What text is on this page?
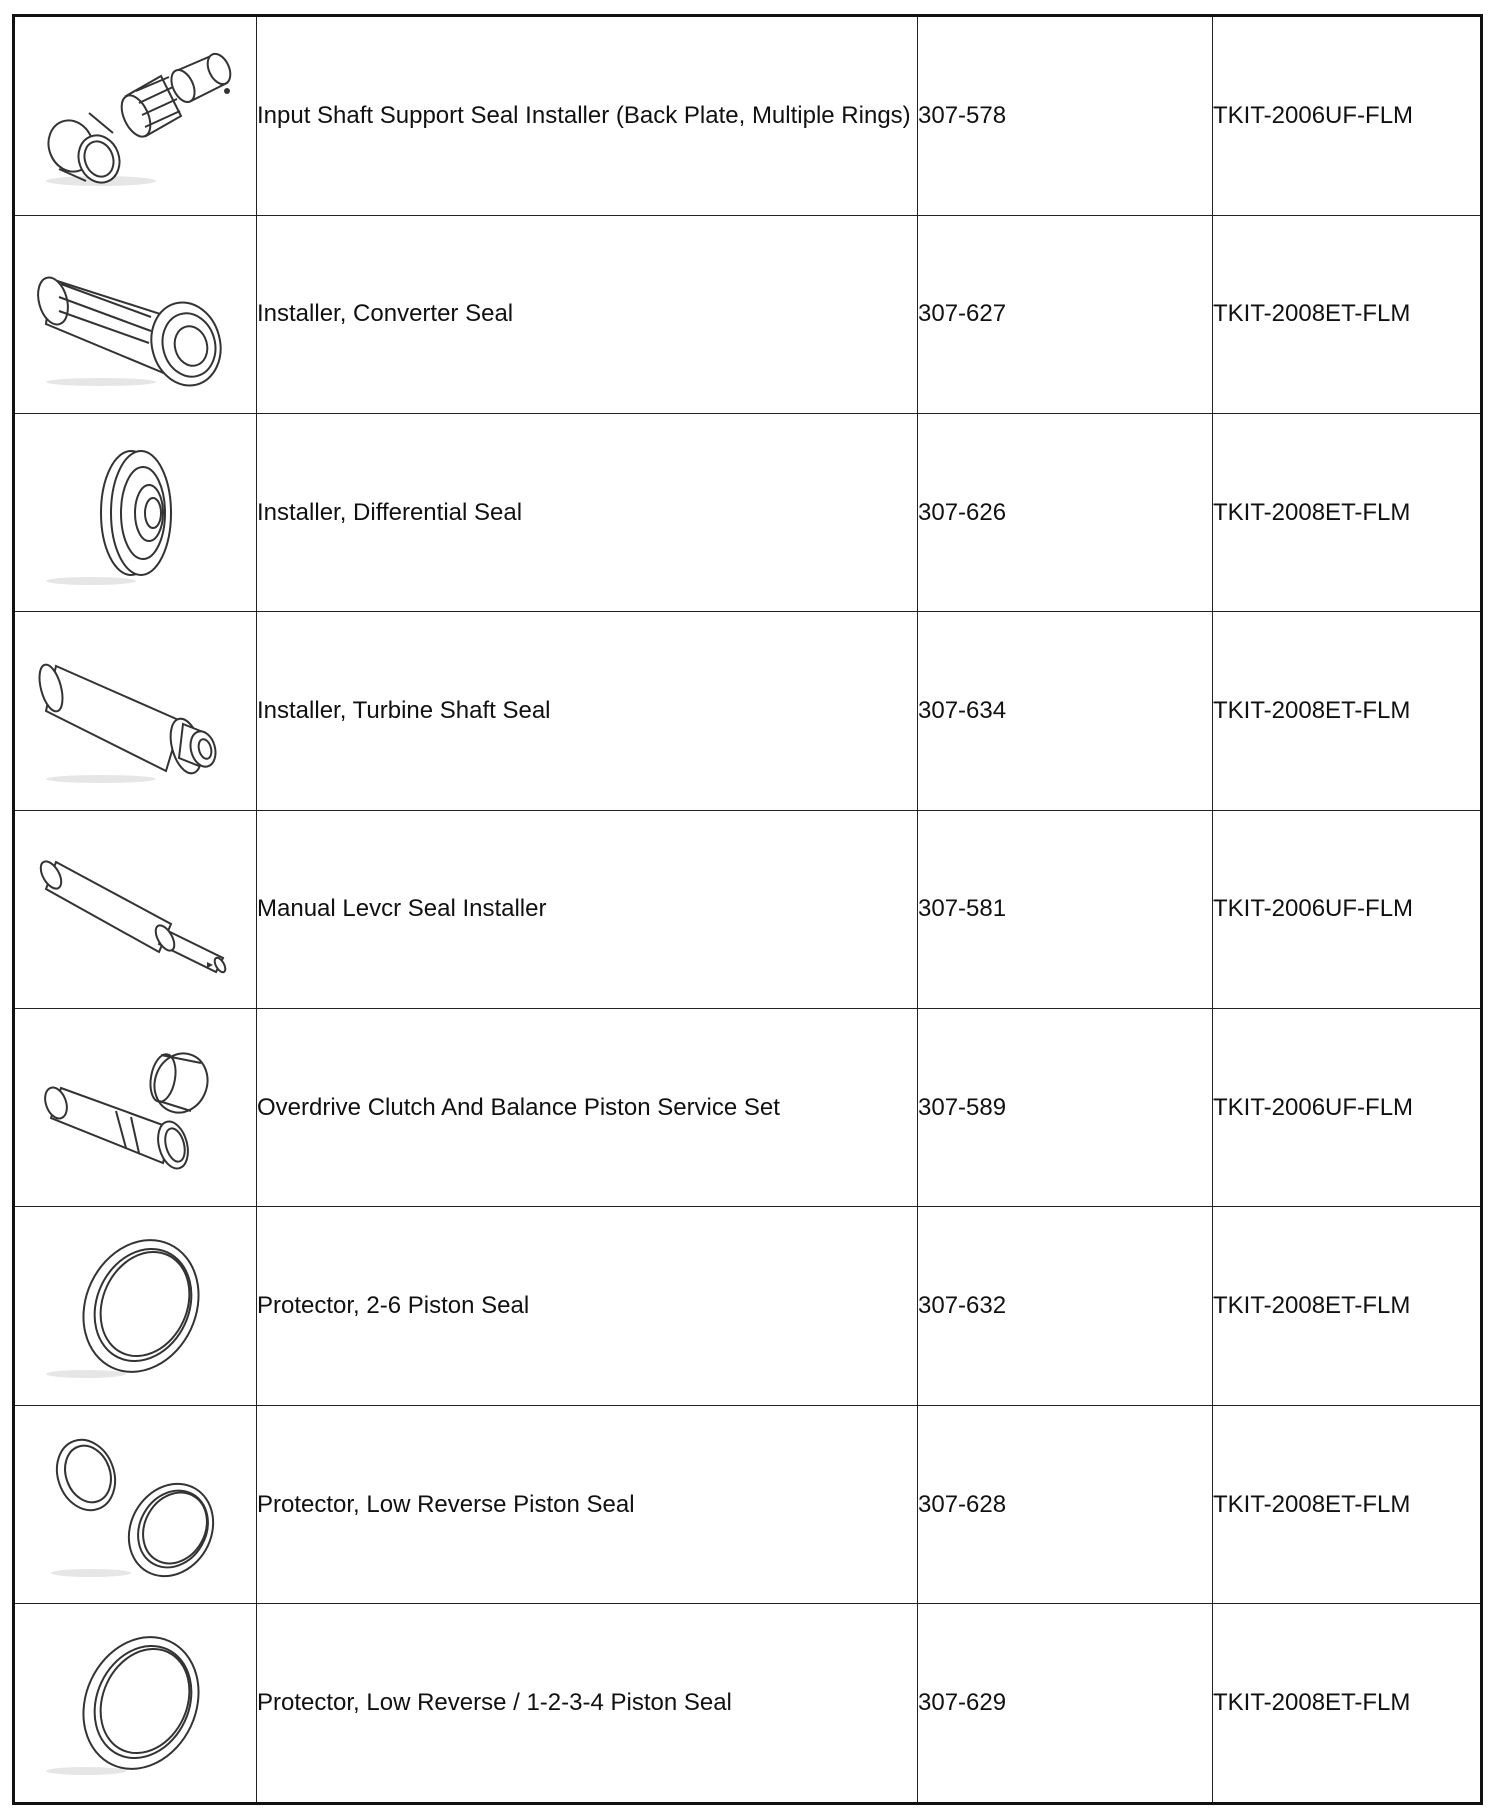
	Input Shaft Support Seal Installer (Back Plate, Multiple Rings)	307-578	TKIT-2006UF-FLM

	Installer, Converter Seal	307-627	TKIT-2008ET-FLM

	Installer, Differential Seal	307-626	TKIT-2008ET-FLM

	Installer, Turbine Shaft Seal	307-634	TKIT-2008ET-FLM

	Manual Levcr Seal Installer	307-581	TKIT-2006UF-FLM

	Overdrive Clutch And Balance Piston Service Set	307-589	TKIT-2006UF-FLM

	Protector, 2-6 Piston Seal	307-632	TKIT-2008ET-FLM

	Protector, Low Reverse Piston Seal	307-628	TKIT-2008ET-FLM

	Protector, Low Reverse / 1-2-3-4 Piston Seal	307-629	TKIT-2008ET-FLM
